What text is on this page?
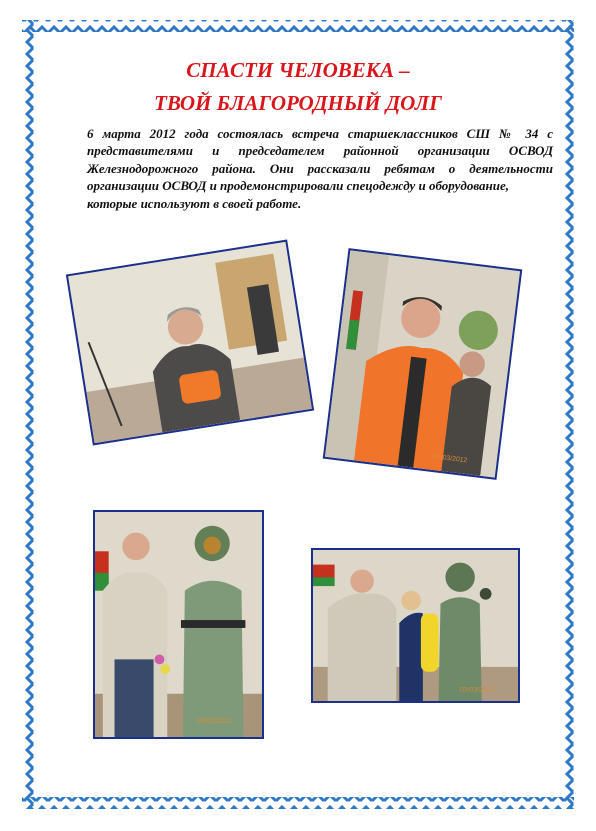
СПАСТИ ЧЕЛОВЕКА –
ТВОЙ БЛАГОРОДНЫЙ ДОЛГ

6 марта 2012 года состоялась встреча старшеклассников СШ № 34 с представителями и председателем районной организации ОСВОД Железнодорожного района. Они рассказали ребятам о деятельности организации ОСВОД и продемонстрировали спецодежду и оборудование,
которые используют в своей работе.

06/03/2012
03/03/2012
03/03/2012
